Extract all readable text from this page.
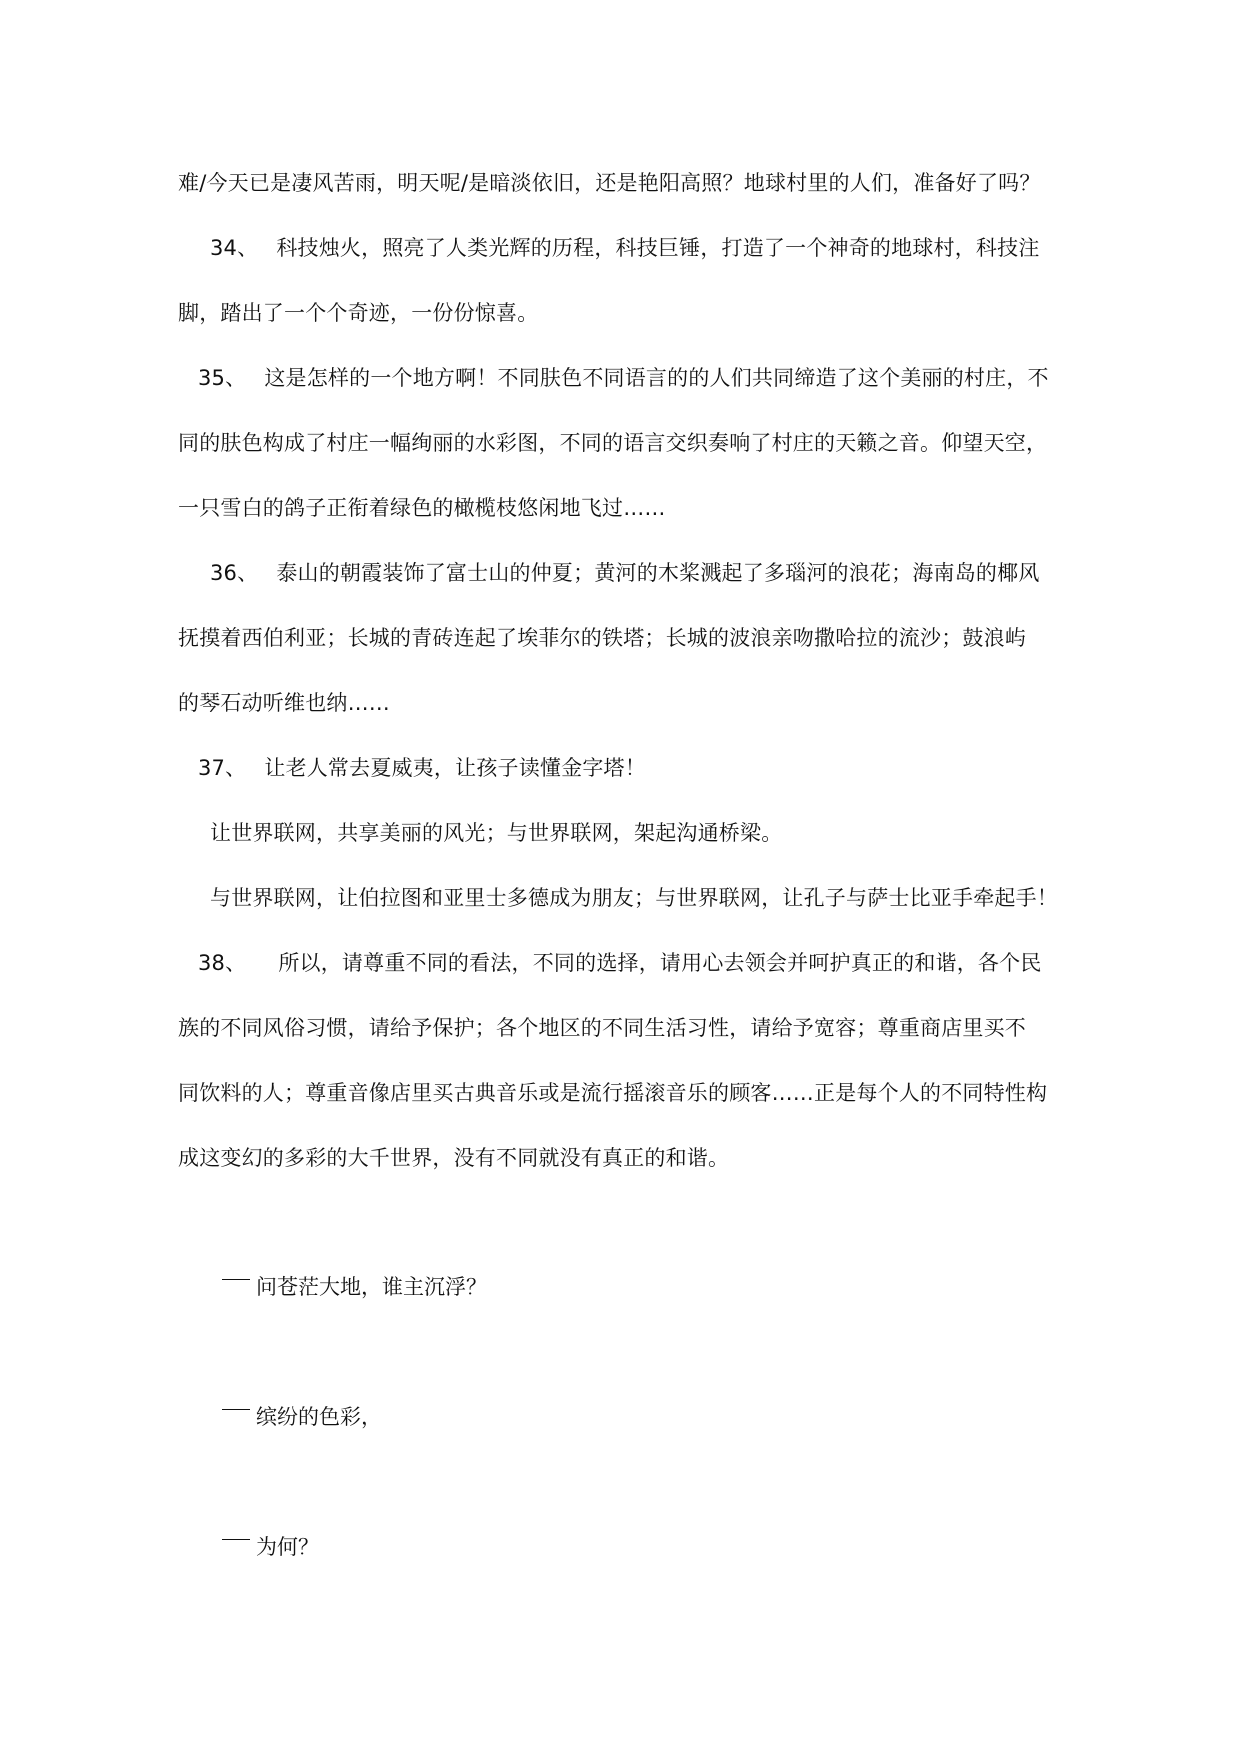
难/今天已是凄风苦雨，明天呢/是暗淡依旧，还是艳阳高照？地球村里的人们，准备好了吗？
34、 科技烛火，照亮了人类光辉的历程，科技巨锤，打造了一个神奇的地球村，科技注
脚，踏出了一个个奇迹，一份份惊喜。
35、 这是怎样的一个地方啊！不同肤色不同语言的的人们共同缔造了这个美丽的村庄，不
同的肤色构成了村庄一幅绚丽的水彩图，不同的语言交织奏响了村庄的天籁之音。仰望天空，
一只雪白的鸽子正衔着绿色的橄榄枝悠闲地飞过……
36、 泰山的朝霞装饰了富士山的仲夏；黄河的木桨溅起了多瑙河的浪花；海南岛的椰风
抚摸着西伯利亚；长城的青砖连起了埃菲尔的铁塔；长城的波浪亲吻撒哈拉的流沙；鼓浪屿
的琴石动听维也纳……
37、 让老人常去夏威夷，让孩子读懂金字塔！
让世界联网，共享美丽的风光；与世界联网，架起沟通桥梁。
与世界联网，让伯拉图和亚里士多德成为朋友；与世界联网，让孔子与萨士比亚手牵起手！
38、 所以，请尊重不同的看法，不同的选择，请用心去领会并呵护真正的和谐，各个民
族的不同风俗习惯，请给予保护；各个地区的不同生活习性，请给予宽容；尊重商店里买不
同饮料的人；尊重音像店里买古典音乐或是流行摇滚音乐的顾客……正是每个人的不同特性构
成这变幻的多彩的大千世界，没有不同就没有真正的和谐。
问苍茫大地，谁主沉浮？
缤纷的色彩，
为何？
